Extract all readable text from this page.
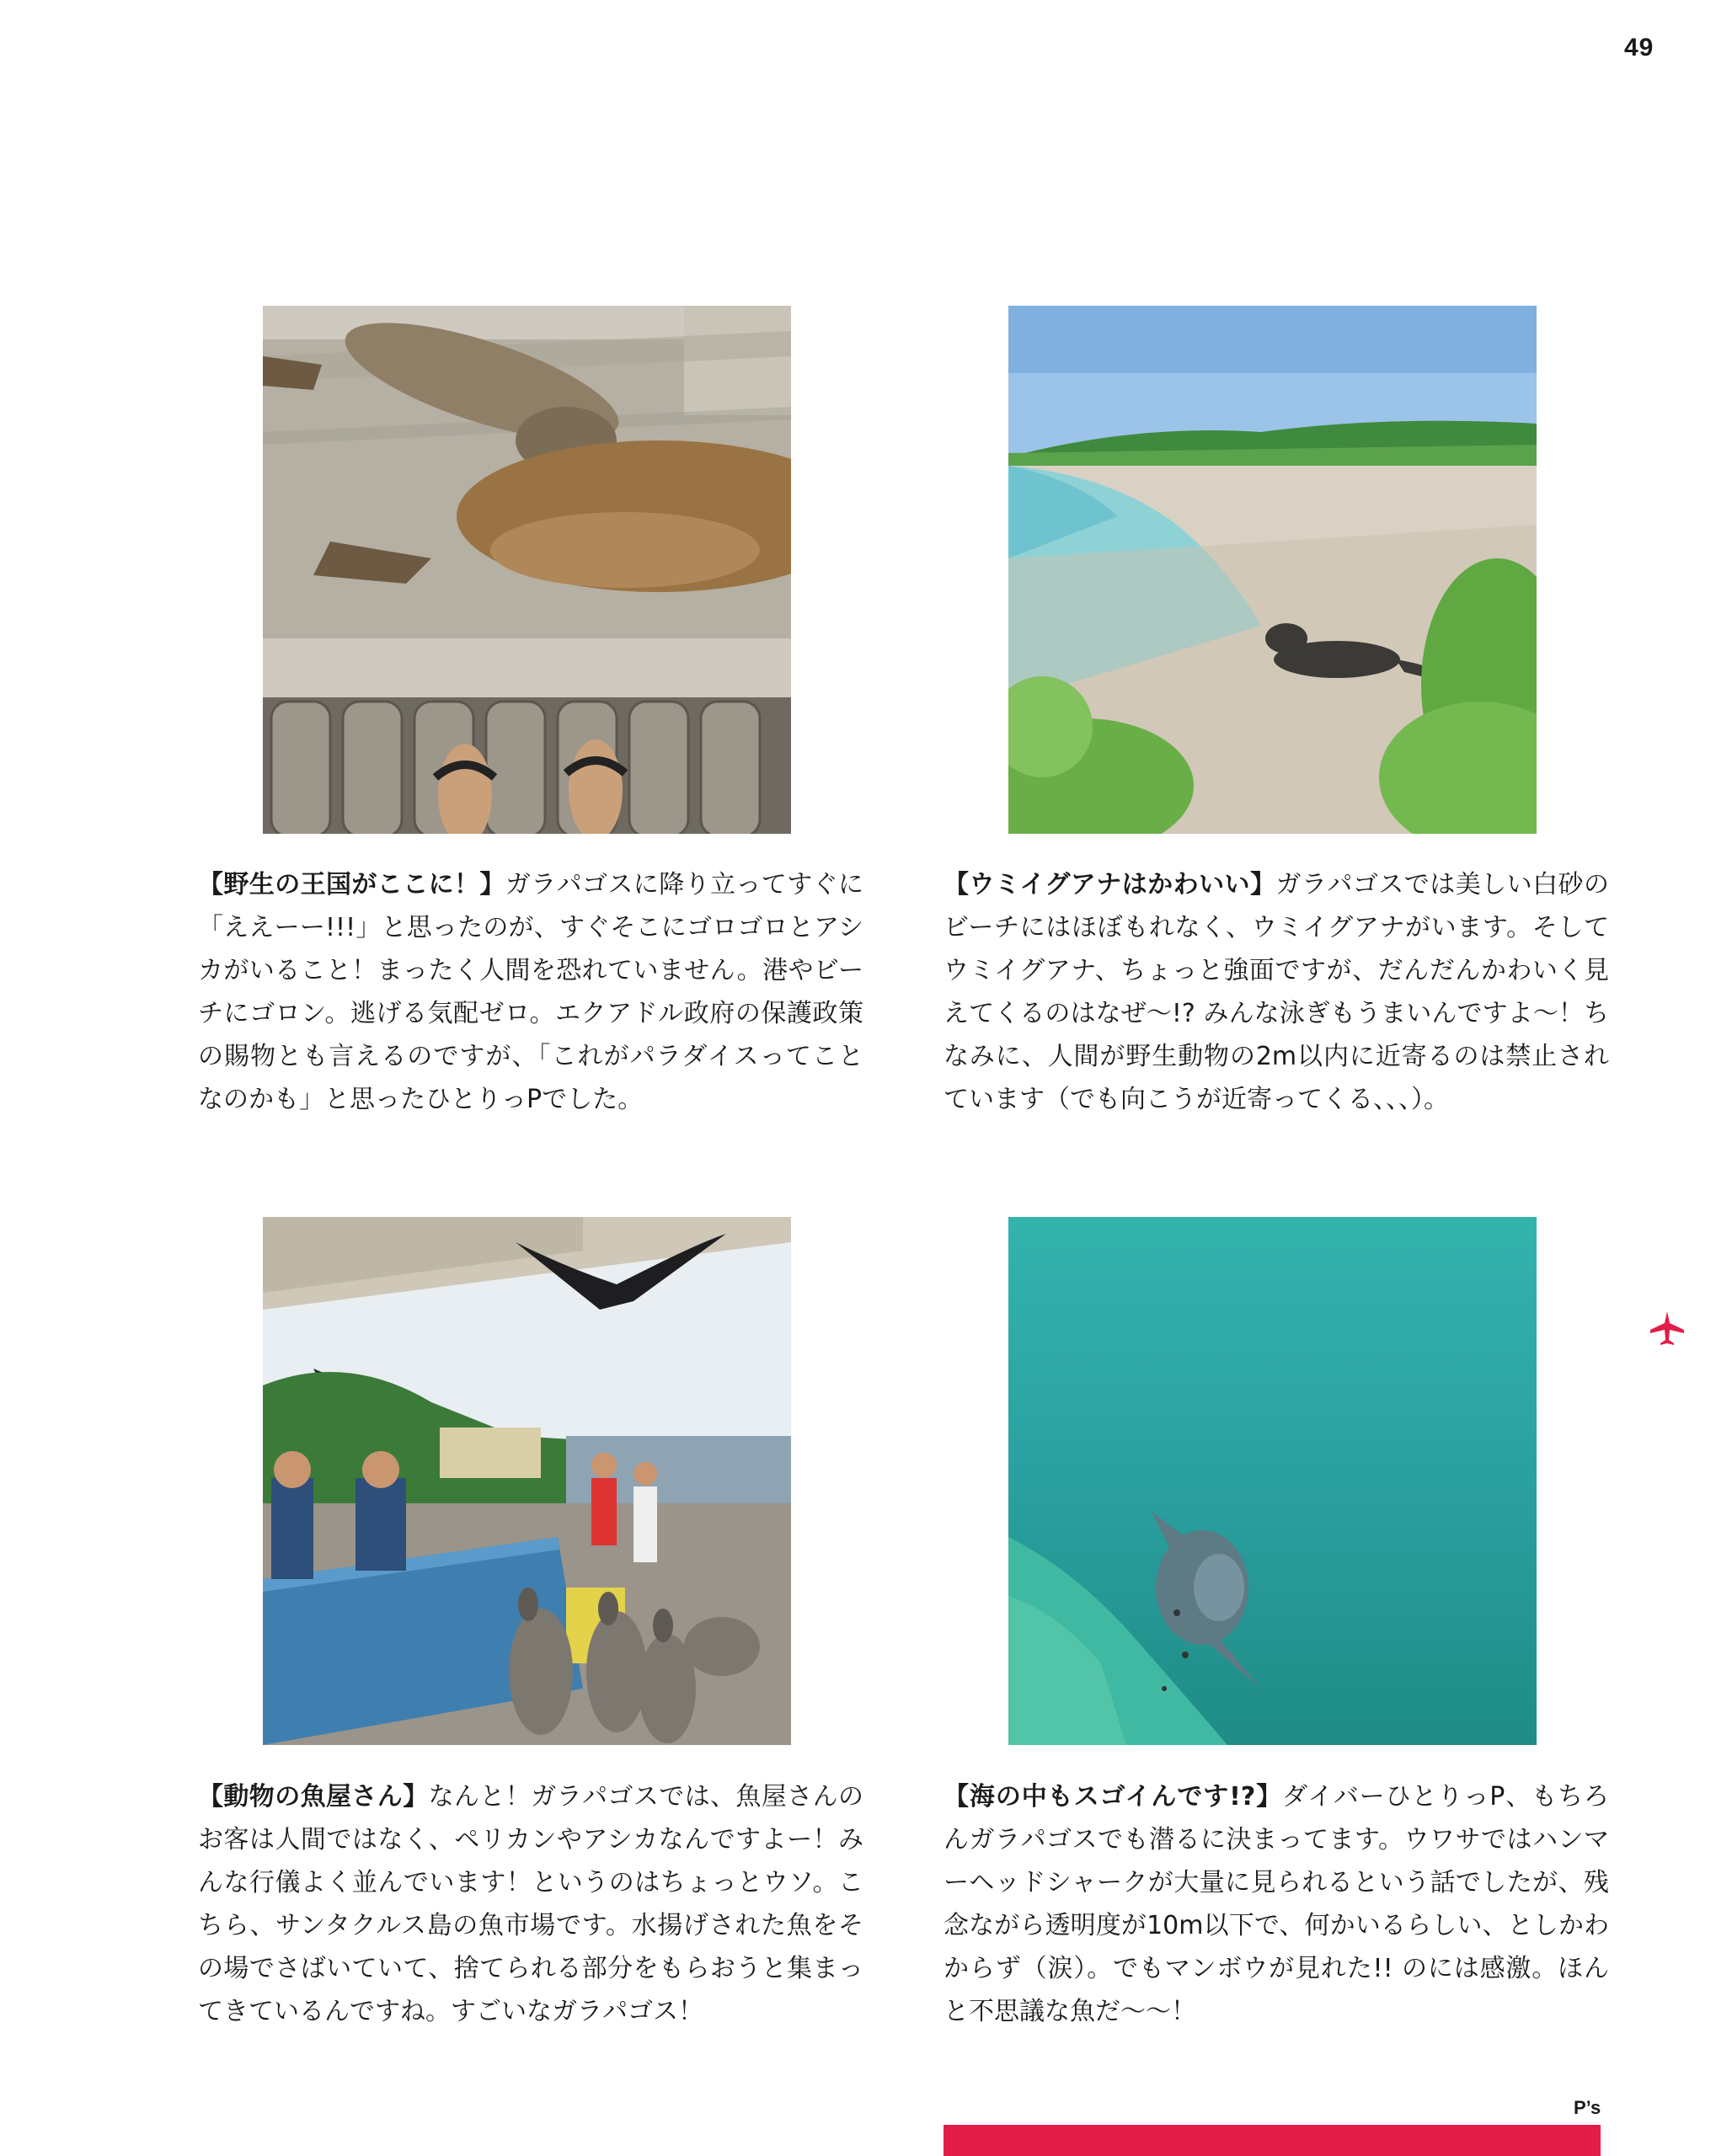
49
【野生の王国がここに！】ガラパゴスに降り立ってすぐに「ええーー!!!」と思ったのが、すぐそこにゴロゴロとアシカがいること！まったく人間を恐れていません。港やビーチにゴロン。逃げる気配ゼロ。エクアドル政府の保護政策の賜物とも言えるのですが、「これがパラダイスってことなのかも」と思ったひとりっPでした。
【ウミイグアナはかわいい】ガラパゴスでは美しい白砂のビーチにはほぼもれなく、ウミイグアナがいます。そしてウミイグアナ、ちょっと強面ですが、だんだんかわいく見えてくるのはなぜ～!? みんな泳ぎもうまいんですよ～！ちなみに、人間が野生動物の2m以内に近寄るのは禁止されています（でも向こうが近寄ってくる、、、）。
【動物の魚屋さん】なんと！ガラパゴスでは、魚屋さんのお客は人間ではなく、ペリカンやアシカなんですよー！みんな行儀よく並んでいます！というのはちょっとウソ。こちら、サンタクルス島の魚市場です。水揚げされた魚をその場でさばいていて、捨てられる部分をもらおうと集まってきているんですね。すごいなガラパゴス！
【海の中もスゴイんです!?】ダイバーひとりっP、もちろんガラパゴスでも潜るに決まってます。ウワサではハンマーヘッドシャークが大量に見られるという話でしたが、残念ながら透明度が10m以下で、何かいるらしい、としかわからず（涙）。でもマンボウが見れた!! のには感激。ほんと不思議な魚だ～～！
P’s
